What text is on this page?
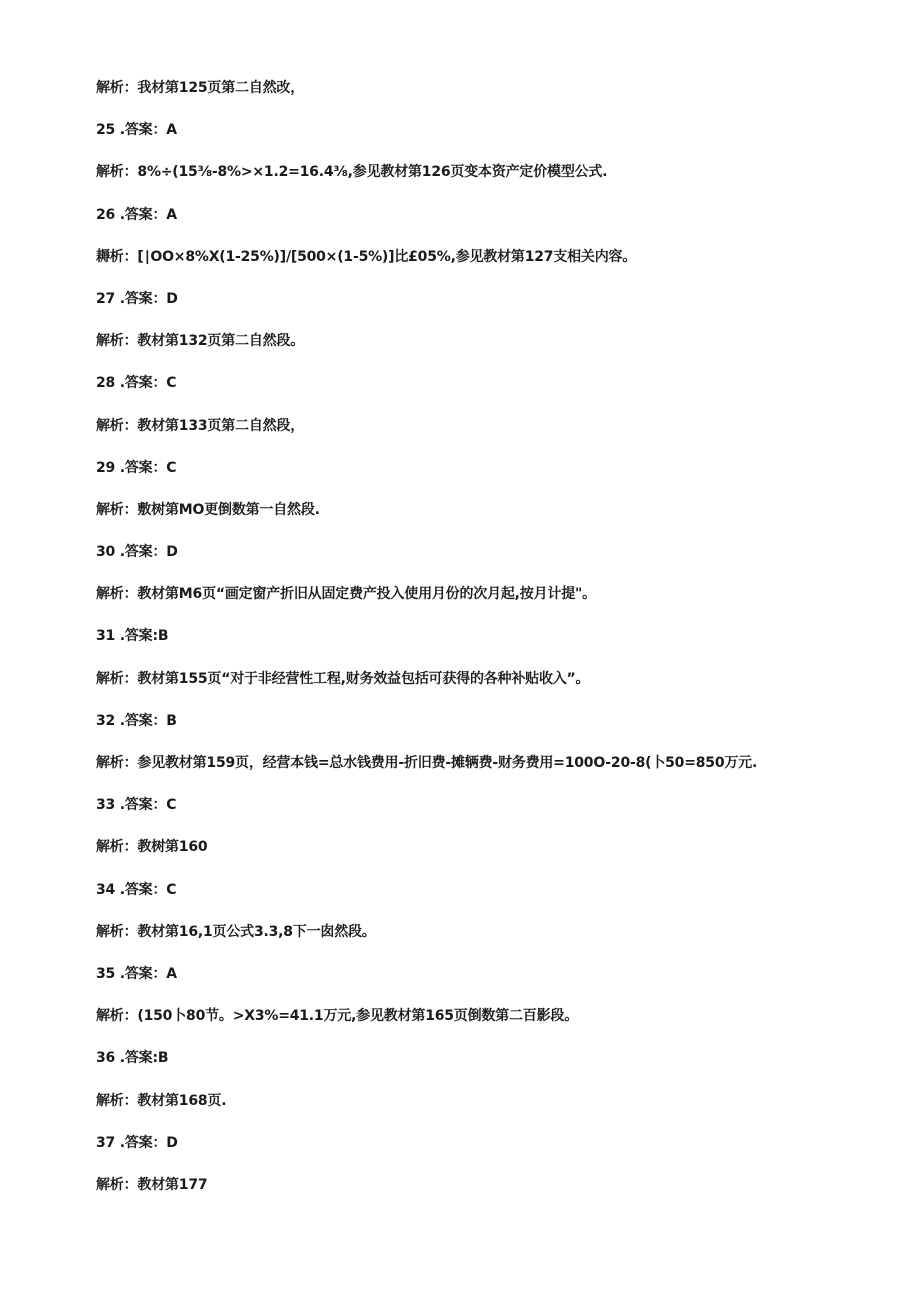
解析：我材第125页第二自然改，
25 .答案：A
解析：8%÷(15⅜-8%>×1.2=16.4⅜,参见教材第126页变本资产定价模型公式.
26 .答案：A
耨析：[∣OO×8%X(1-25%)]/[500×(1-5%)]比£05%,参见教材第127支相关内容。
27 .答案：D
解析：教材第132页第二自然段。
28 .答案：C
解析：教材第133页第二自然段，
29 .答案：C
解析：敷树第MO更倒数第一自然段.
30 .答案：D
解析：教材第M6页“画定窗产折旧从固定费产投入使用月份的次月起,按月计提"。
31 .答案:B
解析：教材第155页“对于非经营性工程,财务效益包括可获得的各种补贴收入”。
32 .答案：B
解析：参见教材第159页，经营本钱=总水钱费用-折旧费-摊辆费-财务费用=100O-20-8(卜50=850万元.
33 .答案：C
解析：教树第160
34 .答案：C
解析：教材第16,1页公式3.3,8下一囱然段。
35 .答案：A
解析：(150卜80节。>X3%=41.1万元,参见教材第165页倒数第二百影段。
36 .答案:B
解析：教材第168页.
37 .答案：D
解析：教材第177
